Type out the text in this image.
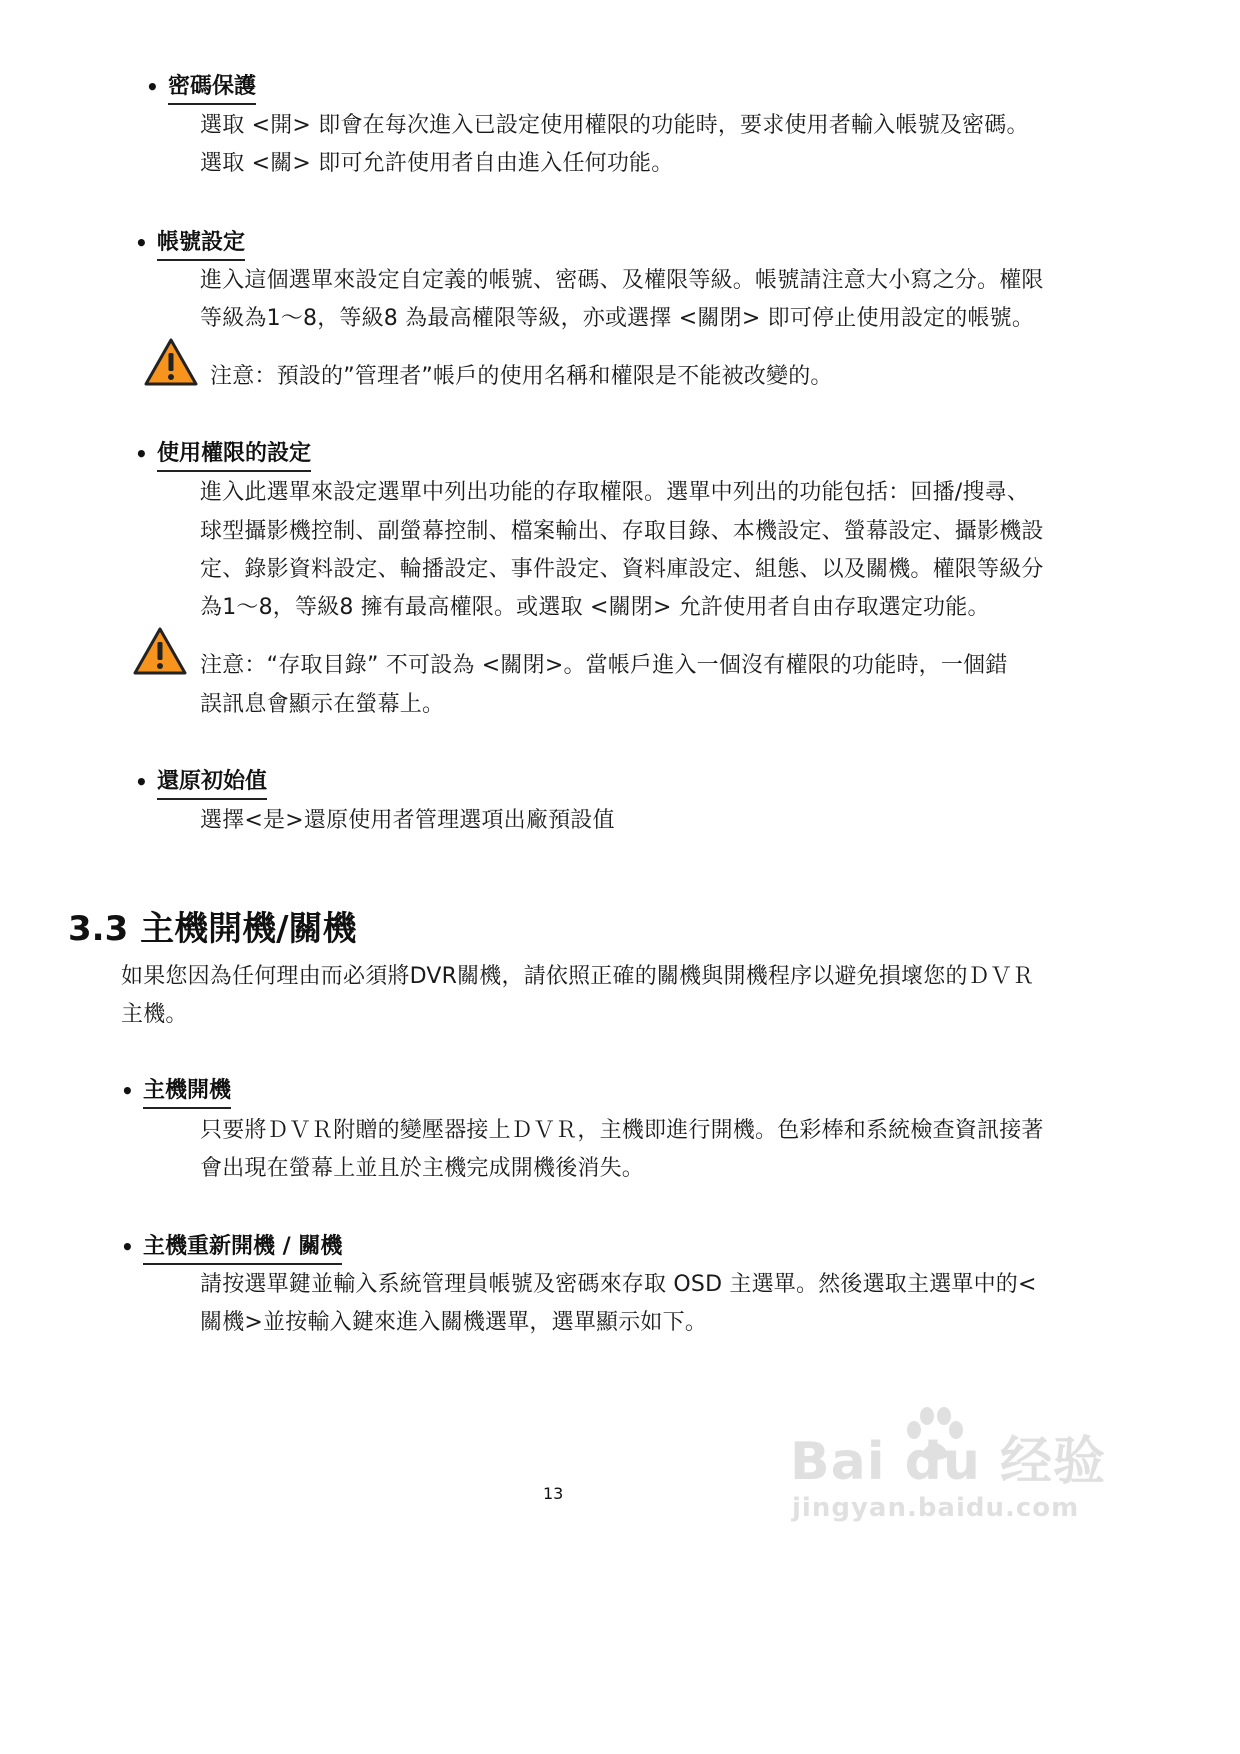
• 密碼保護
選取 <開> 即會在每次進入已設定使用權限的功能時，要求使用者輸入帳號及密碼。
選取 <關> 即可允許使用者自由進入任何功能。
• 帳號設定
進入這個選單來設定自定義的帳號、密碼、及權限等級。帳號請注意大小寫之分。權限
等級為1～8，等級8 為最高權限等級，亦或選擇 <關閉> 即可停止使用設定的帳號。
注意：預設的”管理者”帳戶的使用名稱和權限是不能被改變的。
• 使用權限的設定
進入此選單來設定選單中列出功能的存取權限。選單中列出的功能包括：回播/搜尋、
球型攝影機控制、副螢幕控制、檔案輸出、存取目錄、本機設定、螢幕設定、攝影機設
定、錄影資料設定、輪播設定、事件設定、資料庫設定、組態、以及關機。權限等級分
為1～8，等級8 擁有最高權限。或選取 <關閉> 允許使用者自由存取選定功能。
注意：“存取目錄” 不可設為 <關閉>。當帳戶進入一個沒有權限的功能時，一個錯
誤訊息會顯示在螢幕上。
• 還原初始值
選擇<是>還原使用者管理選項出廠預設值
3.3 主機開機/關機
如果您因為任何理由而必須將DVR關機，請依照正確的關機與開機程序以避免損壞您的ＤＶＲ
主機。
• 主機開機
只要將ＤＶＲ附贈的變壓器接上ＤＶＲ，主機即進行開機。色彩棒和系統檢查資訊接著
會出現在螢幕上並且於主機完成開機後消失。
• 主機重新開機 / 關機
請按選單鍵並輸入系統管理員帳號及密碼來存取 OSD 主選單。然後選取主選單中的<
關機>並按輸入鍵來進入關機選單，選單顯示如下。
13
Bai du 经验
jingyan.baidu.com
